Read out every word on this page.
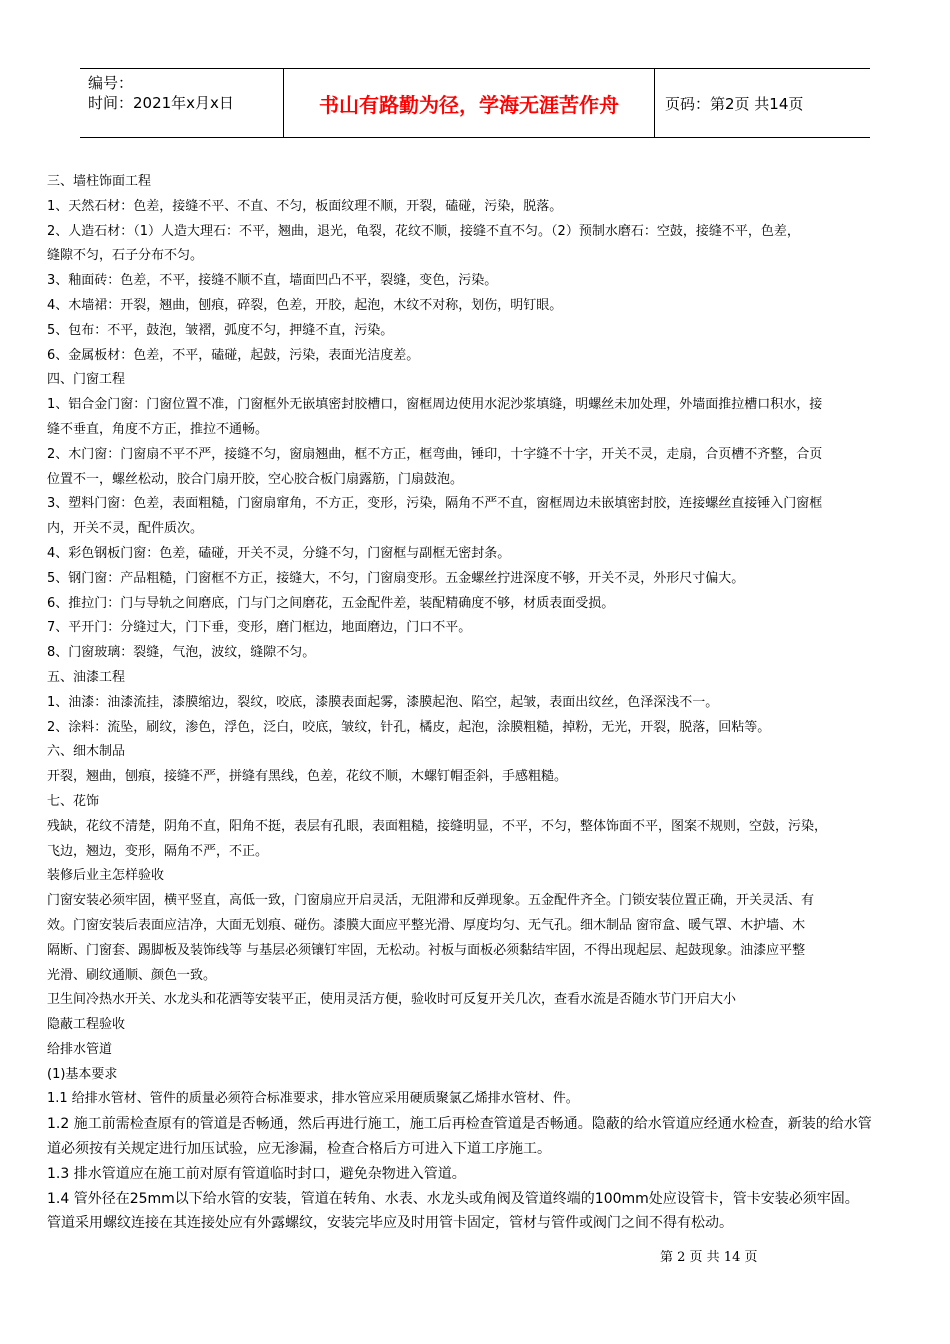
编号：
时间：2021年x月x日	书山有路勤为径，学海无涯苦作舟	页码：第2页 共14页
三、墙柱饰面工程
1、天然石材：色差，接缝不平、不直、不匀，板面纹理不顺，开裂，磕碰，污染，脱落。
2、人造石材：（1）人造大理石：不平，翘曲，退光，龟裂，花纹不顺，接缝不直不匀。（2）预制水磨石：空鼓，接缝不平，色差，
缝隙不匀，石子分布不匀。
3、釉面砖：色差，不平，接缝不顺不直，墙面凹凸不平，裂缝，变色，污染。
4、木墙裙：开裂，翘曲，刨痕，碎裂，色差，开胶，起泡，木纹不对称，划伤，明钉眼。
5、包布：不平，鼓泡，皱褶，弧度不匀，押缝不直，污染。
6、金属板材：色差，不平，磕碰，起鼓，污染，表面光洁度差。
四、门窗工程
1、铝合金门窗：门窗位置不准，门窗框外无嵌填密封胶槽口，窗框周边使用水泥沙浆填缝，明螺丝未加处理，外墙面推拉槽口积水，接
缝不垂直，角度不方正，推拉不通畅。
2、木门窗：门窗扇不平不严，接缝不匀，窗扇翘曲，框不方正，框弯曲，锤印，十字缝不十字，开关不灵，走扇，合页槽不齐整，合页
位置不一，螺丝松动，胶合门扇开胶，空心胶合板门扇露筋，门扇鼓泡。
3、塑料门窗：色差，表面粗糙，门窗扇窜角，不方正，变形，污染，隔角不严不直，窗框周边未嵌填密封胶，连接螺丝直接锤入门窗框
内，开关不灵，配件质次。
4、彩色钢板门窗：色差，磕碰，开关不灵，分缝不匀，门窗框与副框无密封条。
5、钢门窗：产品粗糙，门窗框不方正，接缝大，不匀，门窗扇变形。五金螺丝拧进深度不够，开关不灵，外形尺寸偏大。
6、推拉门：门与导轨之间磨底，门与门之间磨花，五金配件差，装配精确度不够，材质表面受损。
7、平开门：分缝过大，门下垂，变形，磨门框边，地面磨边，门口不平。
8、门窗玻璃：裂缝，气泡，波纹，缝隙不匀。
五、油漆工程
1、油漆：油漆流挂，漆膜缩边，裂纹，咬底，漆膜表面起雾，漆膜起泡、陷空，起皱，表面出纹丝，色泽深浅不一。
2、涂料：流坠，刷纹，渗色，浮色，泛白，咬底，皱纹，针孔，橘皮，起泡，涂膜粗糙，掉粉，无光，开裂，脱落，回粘等。
六、细木制品
开裂，翘曲，刨痕，接缝不严，拼缝有黑线，色差，花纹不顺，木螺钉帽歪斜，手感粗糙。
七、花饰
残缺，花纹不清楚，阴角不直，阳角不挺，表层有孔眼，表面粗糙，接缝明显，不平，不匀，整体饰面不平，图案不规则，空鼓，污染，
飞边，翘边，变形，隔角不严，不正。
装修后业主怎样验收
门窗安装必须牢固，横平竖直，高低一致，门窗扇应开启灵活，无阻滞和反弹现象。五金配件齐全。门锁安装位置正确，开关灵活、有
效。门窗安装后表面应洁净，大面无划痕、碰伤。漆膜大面应平整光滑、厚度均匀、无气孔。细木制品 窗帘盒、暖气罩、木护墙、木
隔断、门窗套、踢脚板及装饰线等 与基层必须镶钉牢固，无松动。衬板与面板必须黏结牢固，不得出现起层、起鼓现象。油漆应平整
光滑、刷纹通顺、颜色一致。
卫生间冷热水开关、水龙头和花洒等安装平正，使用灵活方便，验收时可反复开关几次，查看水流是否随水节门开启大小
隐蔽工程验收
给排水管道
(1)基本要求
1.1 给排水管材、管件的质量必须符合标准要求，排水管应采用硬质聚氯乙烯排水管材、件。
1.2 施工前需检查原有的管道是否畅通，然后再进行施工，施工后再检查管道是否畅通。隐蔽的给水管道应经通水检查，新装的给水管
道必须按有关规定进行加压试验，应无渗漏，检查合格后方可进入下道工序施工。
1.3 排水管道应在施工前对原有管道临时封口，避免杂物进入管道。
1.4 管外径在25mm以下给水管的安装，管道在转角、水表、水龙头或角阀及管道终端的100mm处应设管卡，管卡安装必须牢固。
管道采用螺纹连接在其连接处应有外露螺纹，安装完毕应及时用管卡固定，管材与管件或阀门之间不得有松动。
第 2 页 共 14 页
